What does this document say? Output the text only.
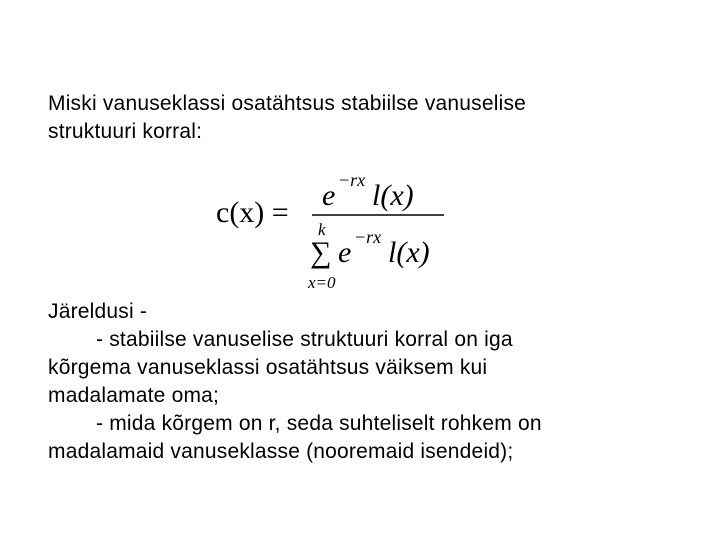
Miski vanuseklassi osatähtsus stabiilse vanuselise
struktuuri korral:
c(x) =
e −rx l(x)
k
∑
x=0
e −rx l(x)
Järeldusi -
- stabiilse vanuselise struktuuri korral on iga
kõrgema vanuseklassi osatähtsus väiksem kui
madalamate oma;
- mida kõrgem on r, seda suhteliselt rohkem on
madalamaid vanuseklasse (nooremaid isendeid);
